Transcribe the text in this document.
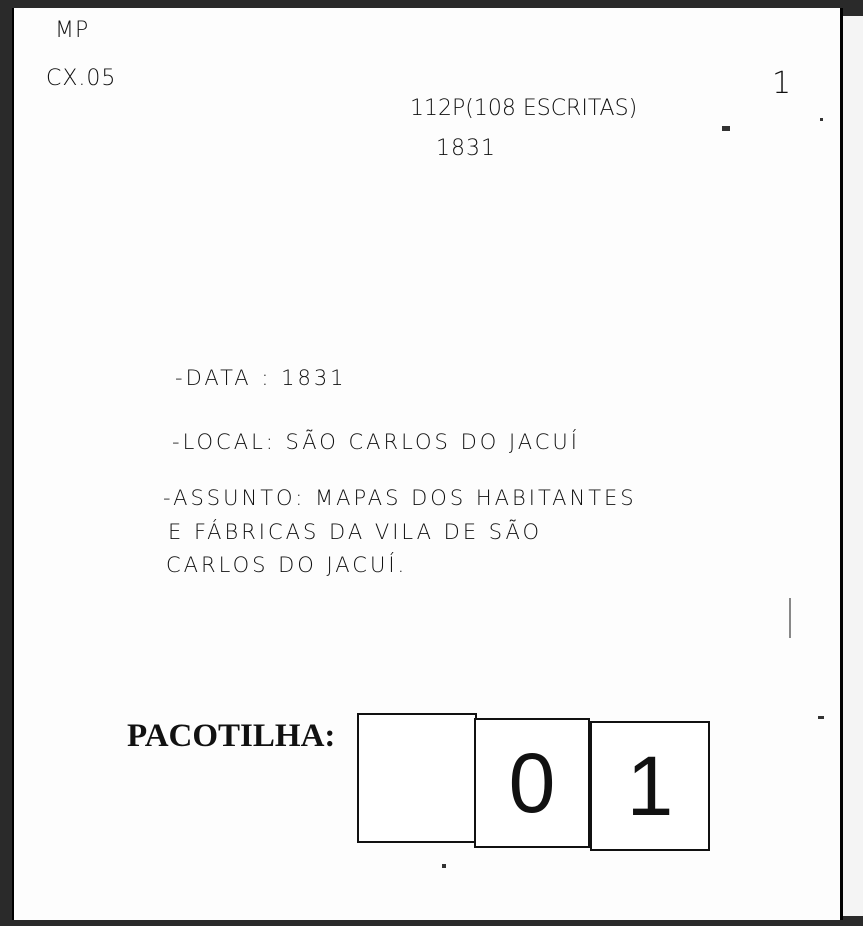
MP
CX.05	1
112P(108 ESCRITAS)
1831
-DATA : 1831
-LOCAL: SÃO CARLOS DO JACUÍ
-ASSUNTO: MAPAS DOS HABITANTES
E FÁBRICAS DA VILA DE SÃO
CARLOS DO JACUÍ.
PACOTILHA:	0 1
